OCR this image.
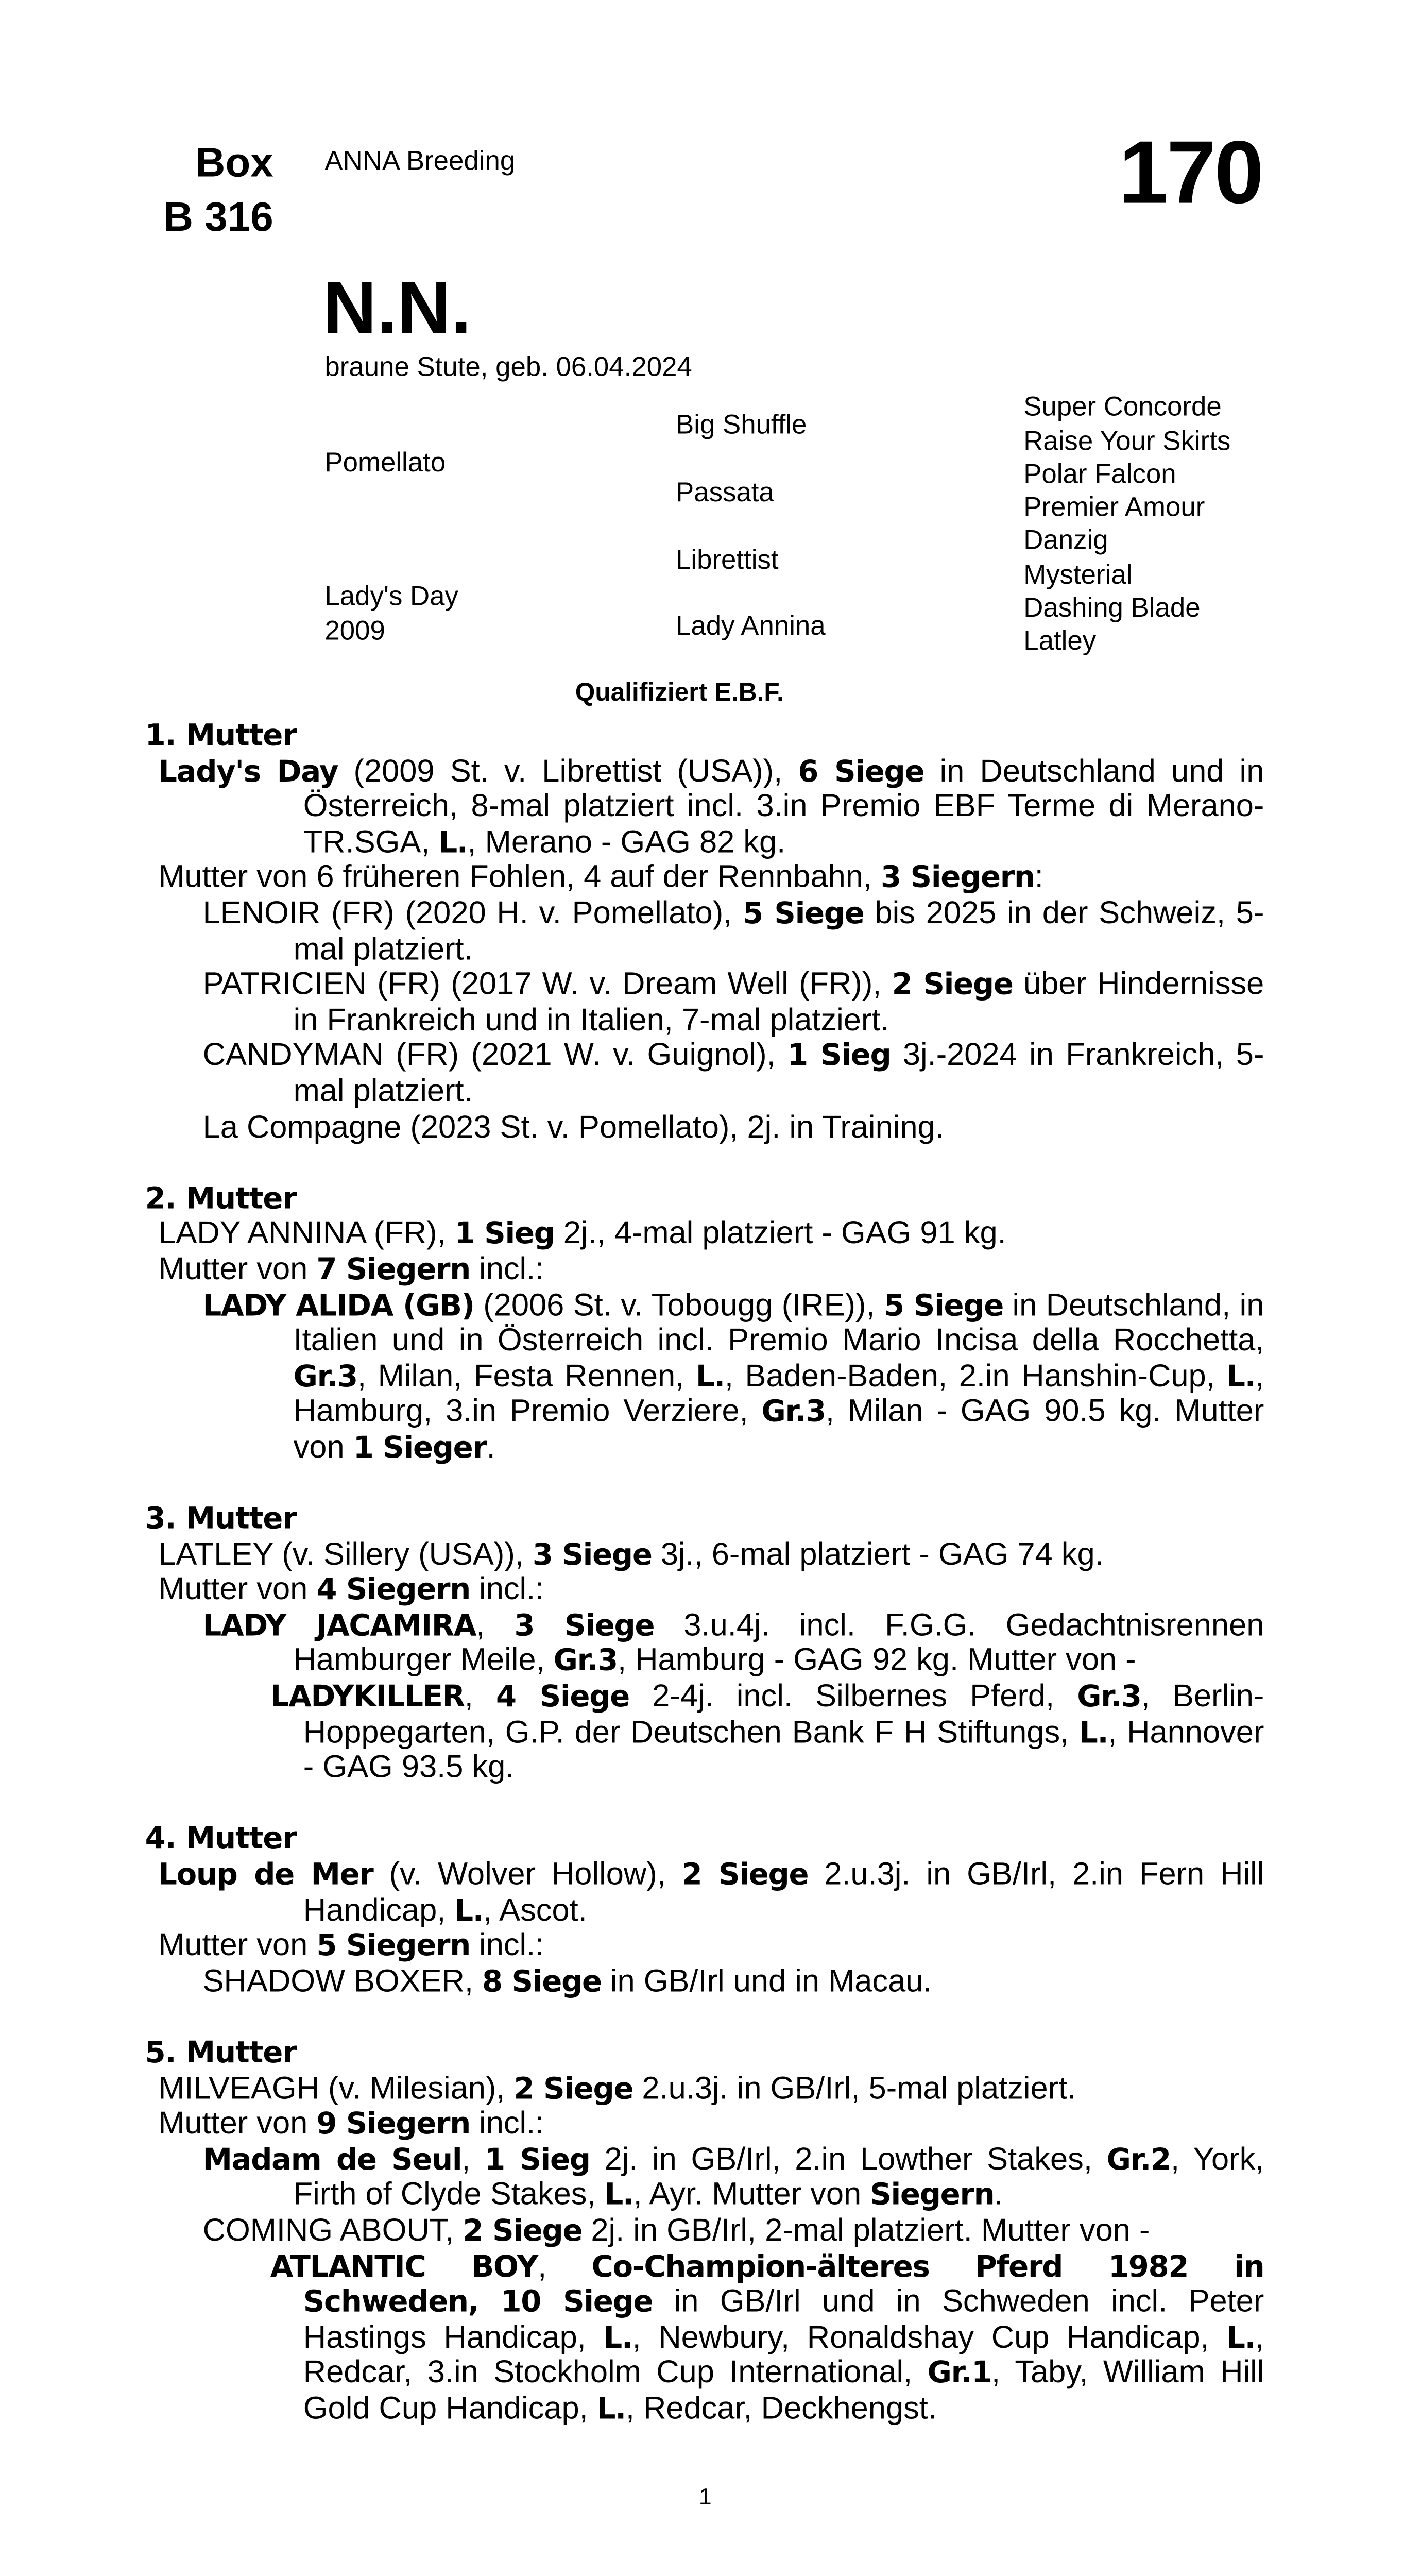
Box
B 316
ANNA Breeding	170
N.N.
braune Stute, geb. 06.04.2024
Pomellato
Lady's Day
2009
Big Shuffle
Passata
Librettist
Lady Annina
Super Concorde
Raise Your Skirts
Polar Falcon
Premier Amour
Danzig
Mysterial
Dashing Blade
Latley
Qualifiziert E.B.F.
1. Mutter
Lady's Day (2009 St. v. Librettist (USA)), 6 Siege in Deutschland und in Österreich, 8-mal platziert incl. 3.in Premio EBF Terme di Merano-TR.SGA, L., Merano - GAG 82 kg.
Mutter von 6 früheren Fohlen, 4 auf der Rennbahn, 3 Siegern:
LENOIR (FR) (2020 H. v. Pomellato), 5 Siege bis 2025 in der Schweiz, 5-mal platziert.
PATRICIEN (FR) (2017 W. v. Dream Well (FR)), 2 Siege über Hindernisse in Frankreich und in Italien, 7-mal platziert.
CANDYMAN (FR) (2021 W. v. Guignol), 1 Sieg 3j.-2024 in Frankreich, 5-mal platziert.
La Compagne (2023 St. v. Pomellato), 2j. in Training.
2. Mutter
LADY ANNINA (FR), 1 Sieg 2j., 4-mal platziert - GAG 91 kg.
Mutter von 7 Siegern incl.:
LADY ALIDA (GB) (2006 St. v. Tobougg (IRE)), 5 Siege in Deutschland, in Italien und in Österreich incl. Premio Mario Incisa della Rocchetta, Gr.3, Milan, Festa Rennen, L., Baden-Baden, 2.in Hanshin-Cup, L., Hamburg, 3.in Premio Verziere, Gr.3, Milan - GAG 90.5 kg. Mutter von 1 Sieger.
3. Mutter
LATLEY (v. Sillery (USA)), 3 Siege 3j., 6-mal platziert - GAG 74 kg.
Mutter von 4 Siegern incl.:
LADY JACAMIRA, 3 Siege 3.u.4j. incl. F.G.G. Gedachtnisrennen Hamburger Meile, Gr.3, Hamburg - GAG 92 kg. Mutter von -
LADYKILLER, 4 Siege 2-4j. incl. Silbernes Pferd, Gr.3, Berlin-Hoppegarten, G.P. der Deutschen Bank F H Stiftungs, L., Hannover - GAG 93.5 kg.
4. Mutter
Loup de Mer (v. Wolver Hollow), 2 Siege 2.u.3j. in GB/Irl, 2.in Fern Hill Handicap, L., Ascot.
Mutter von 5 Siegern incl.:
SHADOW BOXER, 8 Siege in GB/Irl und in Macau.
5. Mutter
MILVEAGH (v. Milesian), 2 Siege 2.u.3j. in GB/Irl, 5-mal platziert.
Mutter von 9 Siegern incl.:
Madam de Seul, 1 Sieg 2j. in GB/Irl, 2.in Lowther Stakes, Gr.2, York, Firth of Clyde Stakes, L., Ayr. Mutter von Siegern.
COMING ABOUT, 2 Siege 2j. in GB/Irl, 2-mal platziert. Mutter von -
ATLANTIC BOY, Co-Champion-älteres Pferd 1982 in Schweden, 10 Siege in GB/Irl und in Schweden incl. Peter Hastings Handicap, L., Newbury, Ronaldshay Cup Handicap, L., Redcar, 3.in Stockholm Cup International, Gr.1, Taby, William Hill Gold Cup Handicap, L., Redcar, Deckhengst.
1
